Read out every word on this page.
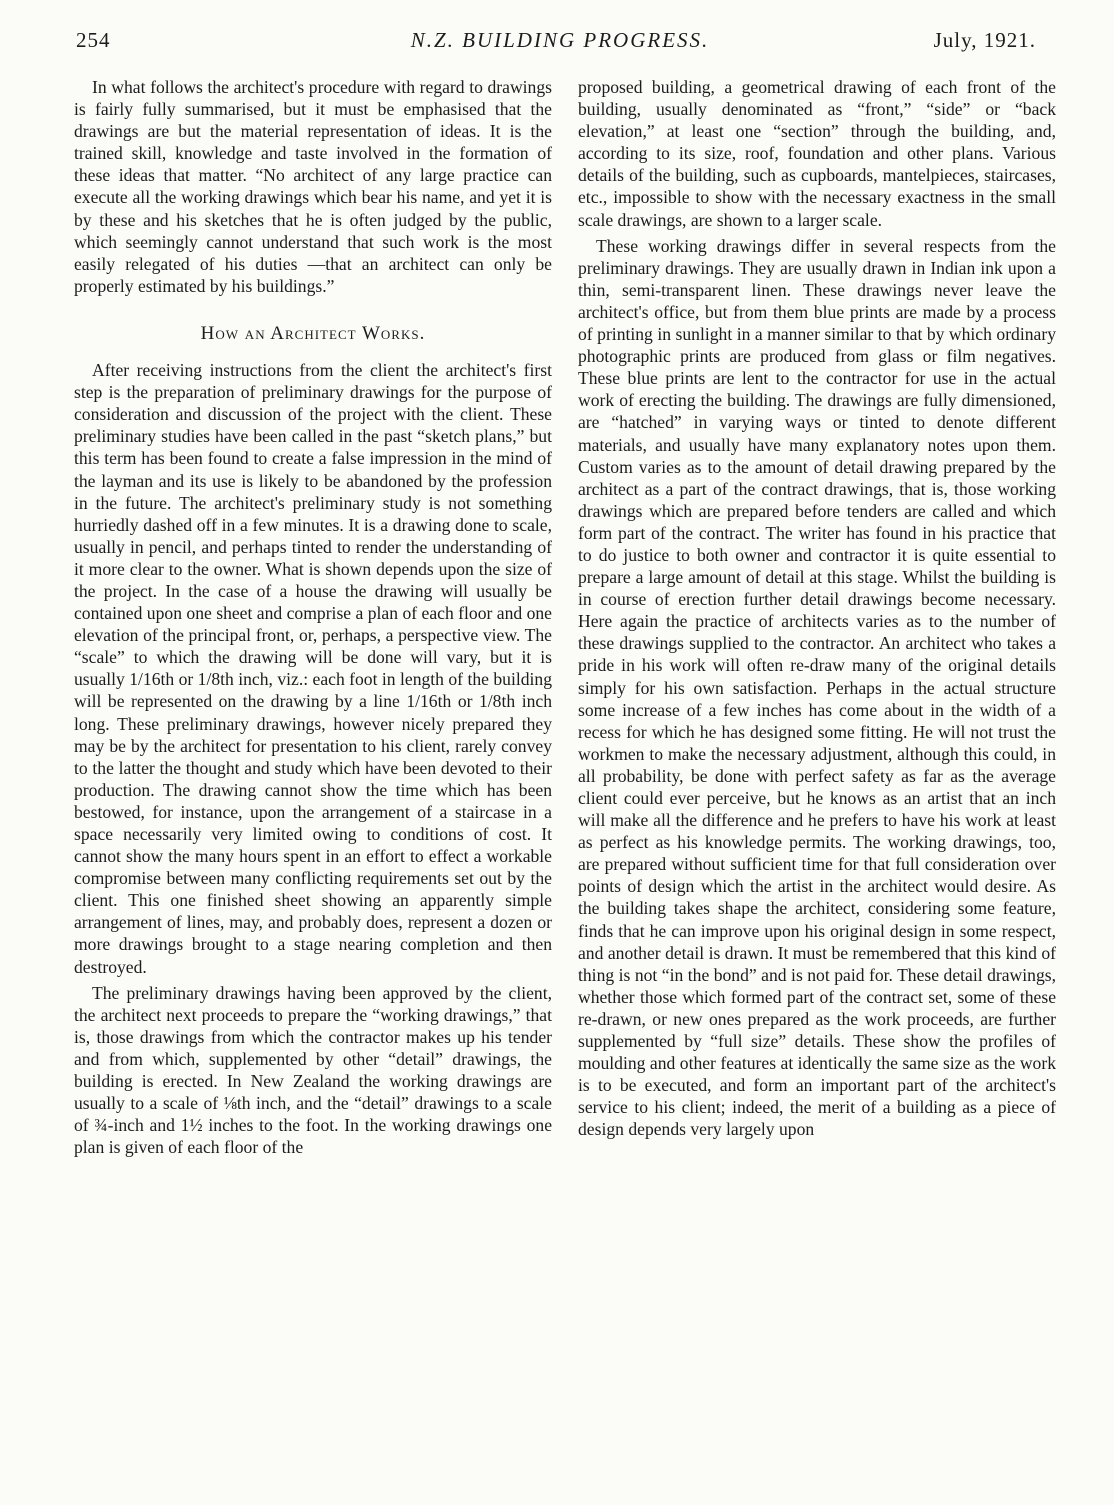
254	N.Z. BUILDING PROGRESS.	July, 1921.

In what follows the architect's procedure with regard to drawings is fairly fully summarised, but it must be emphasised that the drawings are but the material representation of ideas. It is the trained skill, knowledge and taste involved in the formation of these ideas that matter. “No architect of any large practice can execute all the working drawings which bear his name, and yet it is by these and his sketches that he is often judged by the public, which seemingly cannot understand that such work is the most easily relegated of his duties —that an architect can only be properly estimated by his buildings.”

How an Architect Works.

After receiving instructions from the client the architect's first step is the preparation of preliminary drawings for the purpose of consideration and discussion of the project with the client. These preliminary studies have been called in the past “sketch plans,” but this term has been found to create a false impression in the mind of the layman and its use is likely to be abandoned by the profession in the future. The architect's preliminary study is not something hurriedly dashed off in a few minutes. It is a drawing done to scale, usually in pencil, and perhaps tinted to render the understanding of it more clear to the owner. What is shown depends upon the size of the project. In the case of a house the drawing will usually be contained upon one sheet and comprise a plan of each floor and one elevation of the principal front, or, perhaps, a perspective view. The “scale” to which the drawing will be done will vary, but it is usually 1/16th or 1/8th inch, viz.: each foot in length of the building will be represented on the drawing by a line 1/16th or 1/8th inch long. These preliminary drawings, however nicely prepared they may be by the architect for presentation to his client, rarely convey to the latter the thought and study which have been devoted to their production. The drawing cannot show the time which has been bestowed, for instance, upon the arrangement of a staircase in a space necessarily very limited owing to conditions of cost. It cannot show the many hours spent in an effort to effect a workable compromise between many conflicting requirements set out by the client. This one finished sheet showing an apparently simple arrangement of lines, may, and probably does, represent a dozen or more drawings brought to a stage nearing completion and then destroyed.

The preliminary drawings having been approved by the client, the architect next proceeds to prepare the “working drawings,” that is, those drawings from which the contractor makes up his tender and from which, supplemented by other “detail” drawings, the building is erected. In New Zealand the working drawings are usually to a scale of ⅛th inch, and the “detail” drawings to a scale of ¾-inch and 1½ inches to the foot. In the working drawings one plan is given of each floor of the

proposed building, a geometrical drawing of each front of the building, usually denominated as “front,” “side” or “back elevation,” at least one “section” through the building, and, according to its size, roof, foundation and other plans. Various details of the building, such as cupboards, mantelpieces, staircases, etc., impossible to show with the necessary exactness in the small scale drawings, are shown to a larger scale.

These working drawings differ in several respects from the preliminary drawings. They are usually drawn in Indian ink upon a thin, semi-transparent linen. These drawings never leave the architect's office, but from them blue prints are made by a process of printing in sunlight in a manner similar to that by which ordinary photographic prints are produced from glass or film negatives. These blue prints are lent to the contractor for use in the actual work of erecting the building. The drawings are fully dimensioned, are “hatched” in varying ways or tinted to denote different materials, and usually have many explanatory notes upon them. Custom varies as to the amount of detail drawing prepared by the architect as a part of the contract drawings, that is, those working drawings which are prepared before tenders are called and which form part of the contract. The writer has found in his practice that to do justice to both owner and contractor it is quite essential to prepare a large amount of detail at this stage. Whilst the building is in course of erection further detail drawings become necessary. Here again the practice of architects varies as to the number of these drawings supplied to the contractor. An architect who takes a pride in his work will often re-draw many of the original details simply for his own satisfaction. Perhaps in the actual structure some increase of a few inches has come about in the width of a recess for which he has designed some fitting. He will not trust the workmen to make the necessary adjustment, although this could, in all probability, be done with perfect safety as far as the average client could ever perceive, but he knows as an artist that an inch will make all the difference and he prefers to have his work at least as perfect as his knowledge permits. The working drawings, too, are prepared without sufficient time for that full consideration over points of design which the artist in the architect would desire. As the building takes shape the architect, considering some feature, finds that he can improve upon his original design in some respect, and another detail is drawn. It must be remembered that this kind of thing is not “in the bond” and is not paid for. These detail drawings, whether those which formed part of the contract set, some of these re-drawn, or new ones prepared as the work proceeds, are further supplemented by “full size” details. These show the profiles of moulding and other features at identically the same size as the work is to be executed, and form an important part of the architect's service to his client; indeed, the merit of a building as a piece of design depends very largely upon
